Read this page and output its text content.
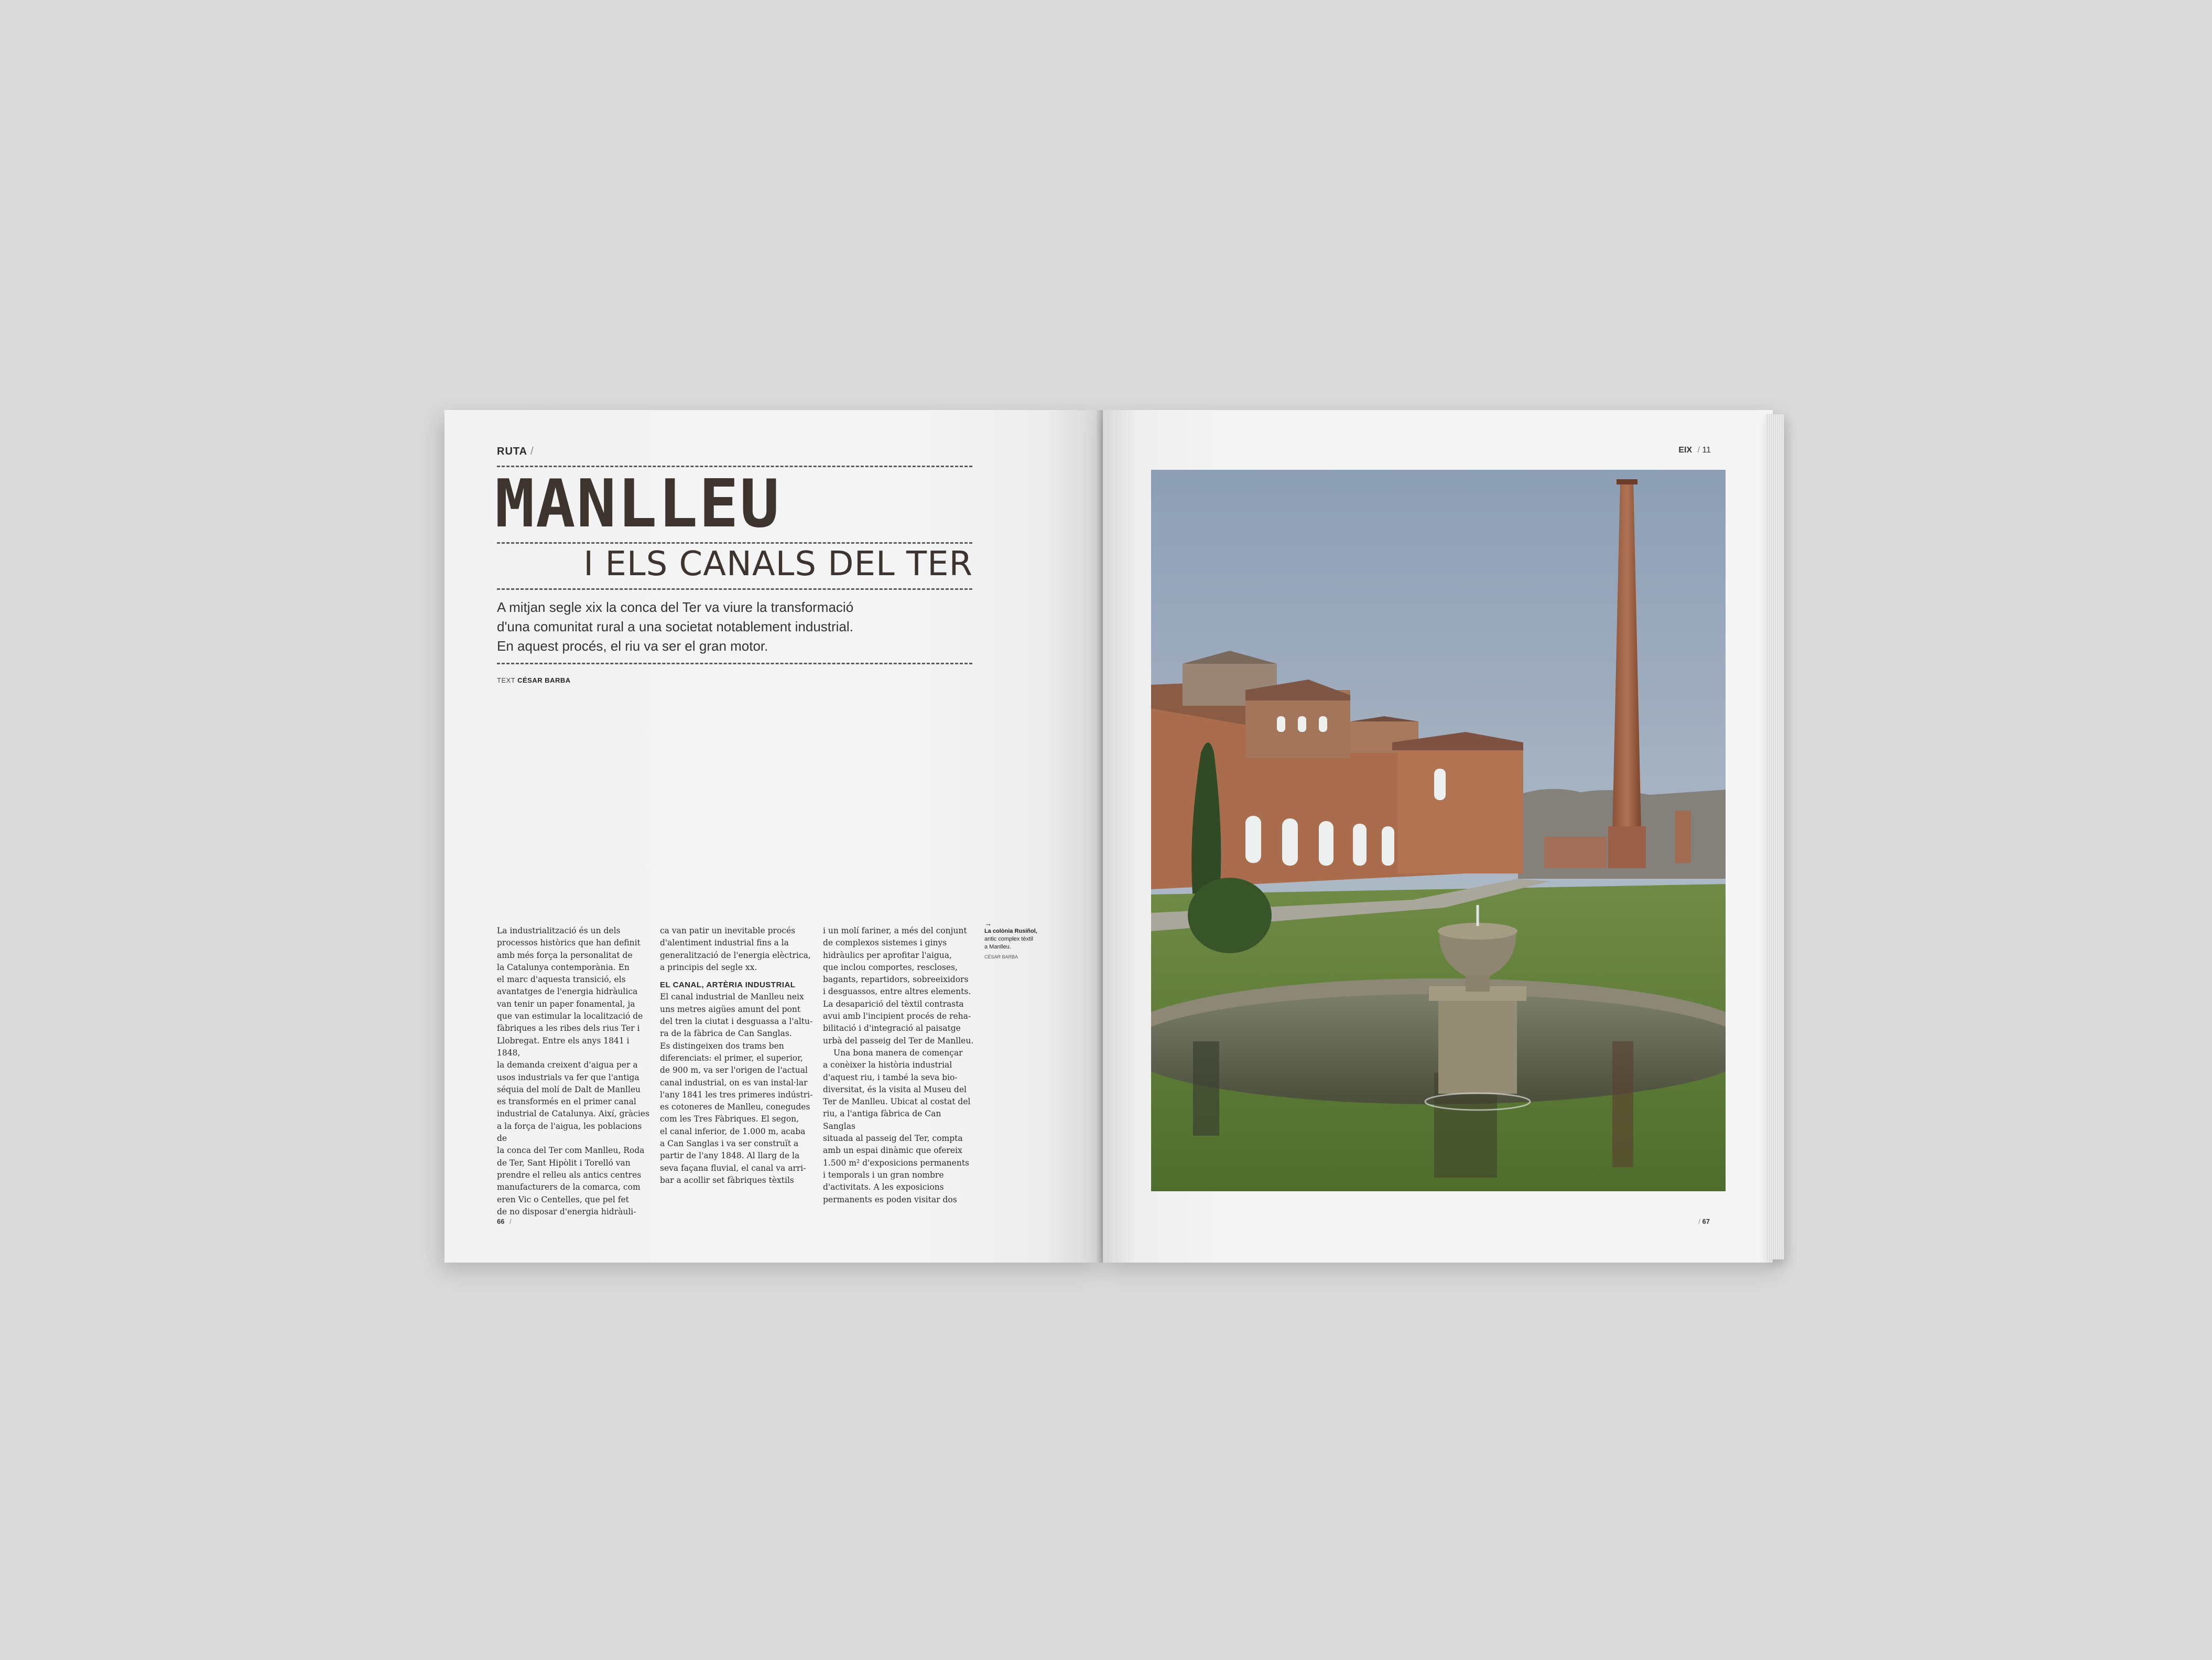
RUTA /
MANLLEU
I ELS CANALS DEL TER
A mitjan segle xix la conca del Ter va viure la transformació
d'una comunitat rural a una societat notablement industrial.
En aquest procés, el riu va ser el gran motor.
TEXT CÉSAR BARBA
La industrialització és un dels
processos històrics que han definit
amb més força la personalitat de
la Catalunya contemporània. En
el marc d'aquesta transició, els
avantatges de l'energia hidràulica
van tenir un paper fonamental, ja
que van estimular la localització de
fàbriques a les ribes dels rius Ter i
Llobregat. Entre els anys 1841 i 1848,
la demanda creixent d'aigua per a
usos industrials va fer que l'antiga
séquia del molí de Dalt de Manlleu
es transformés en el primer canal
industrial de Catalunya. Així, gràcies
a la força de l'aigua, les poblacions de
la conca del Ter com Manlleu, Roda
de Ter, Sant Hipòlit i Torelló van
prendre el relleu als antics centres
manufacturers de la comarca, com
eren Vic o Centelles, que pel fet
de no disposar d'energia hidràuli-
ca van patir un inevitable procés
d'alentiment industrial fins a la
generalització de l'energia elèctrica,
a principis del segle xx.
EL CANAL, ARTÈRIA INDUSTRIAL
El canal industrial de Manlleu neix
uns metres aigües amunt del pont
del tren la ciutat i desguassa a l'altu-
ra de la fàbrica de Can Sanglas.
Es distingeixen dos trams ben
diferenciats: el primer, el superior,
de 900 m, va ser l'origen de l'actual
canal industrial, on es van instal·lar
l'any 1841 les tres primeres indústri-
es cotoneres de Manlleu, conegudes
com les Tres Fàbriques. El segon,
el canal inferior, de 1.000 m, acaba
a Can Sanglas i va ser construït a
partir de l'any 1848. Al llarg de la
seva façana fluvial, el canal va arri-
bar a acollir set fàbriques tèxtils
i un molí fariner, a més del conjunt
de complexos sistemes i ginys
hidràulics per aprofitar l'aigua,
que inclou comportes, rescloses,
bagants, repartidors, sobreeixidors
i desguassos, entre altres elements.
La desaparició del tèxtil contrasta
avui amb l'incipient procés de reha-
bilitació i d'integració al paisatge
urbà del passeig del Ter de Manlleu.
Una bona manera de començar
a conèixer la història industrial
d'aquest riu, i també la seva bio-
diversitat, és la visita al Museu del
Ter de Manlleu. Ubicat al costat del
riu, a l'antiga fàbrica de Can Sanglas
situada al passeig del Ter, compta
amb un espai dinàmic que ofereix
1.500 m² d'exposicions permanents
i temporals i un gran nombre
d'activitats. A les exposicions
permanents es poden visitar dos
→
La colònia Rusiñol,
antic complex tèxtil
a Manlleu.
CÉSAR BARBA
66 /
EIX / 11
/ 67
